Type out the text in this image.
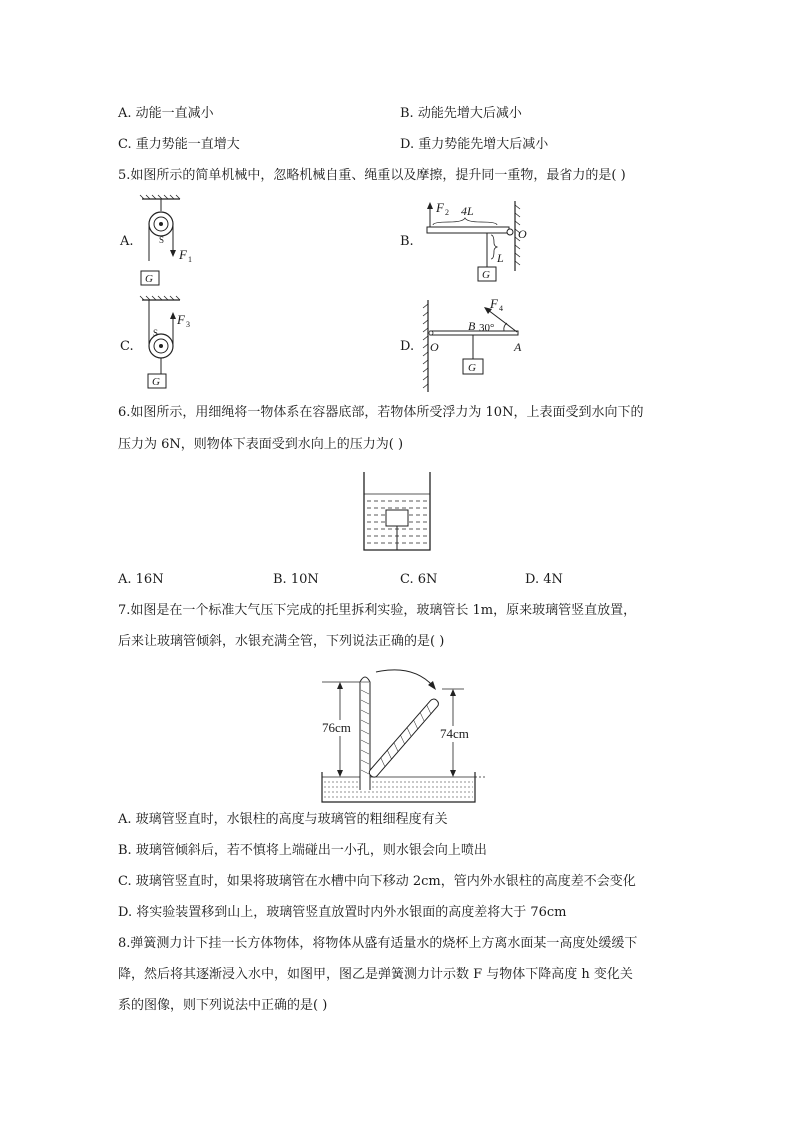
A. 动能一直减小	B. 动能先增大后减小
C. 重力势能一直增大	D. 重力势能先增大后减小
5.如图所示的简单机械中，忽略机械自重、绳重以及摩擦，提升同一重物，最省力的是( )
A.	B.
C.	D.
S
F 1
G
O
F 2 4L
L
G
F 3
S
G
O	A
B
F 4
30°
G
6.如图所示，用细绳将一物体系在容器底部，若物体所受浮力为 10N，上表面受到水向下的
压力为 6N，则物体下表面受到水向上的压力为( )
A. 16N	B. 10N	C. 6N	D. 4N
7.如图是在一个标准大气压下完成的托里拆利实验，玻璃管长 1m，原来玻璃管竖直放置，
后来让玻璃管倾斜，水银充满全管，下列说法正确的是( )
76cm	74cm
A. 玻璃管竖直时，水银柱的高度与玻璃管的粗细程度有关
B. 玻璃管倾斜后，若不慎将上端碰出一小孔，则水银会向上喷出
C. 玻璃管竖直时，如果将玻璃管在水槽中向下移动 2cm，管内外水银柱的高度差不会变化
D. 将实验装置移到山上，玻璃管竖直放置时内外水银面的高度差将大于 76cm
8.弹簧测力计下挂一长方体物体，将物体从盛有适量水的烧杯上方离水面某一高度处缓缓下
降，然后将其逐渐浸入水中，如图甲，图乙是弹簧测力计示数 F 与物体下降高度 h 变化关
系的图像，则下列说法中正确的是( )
